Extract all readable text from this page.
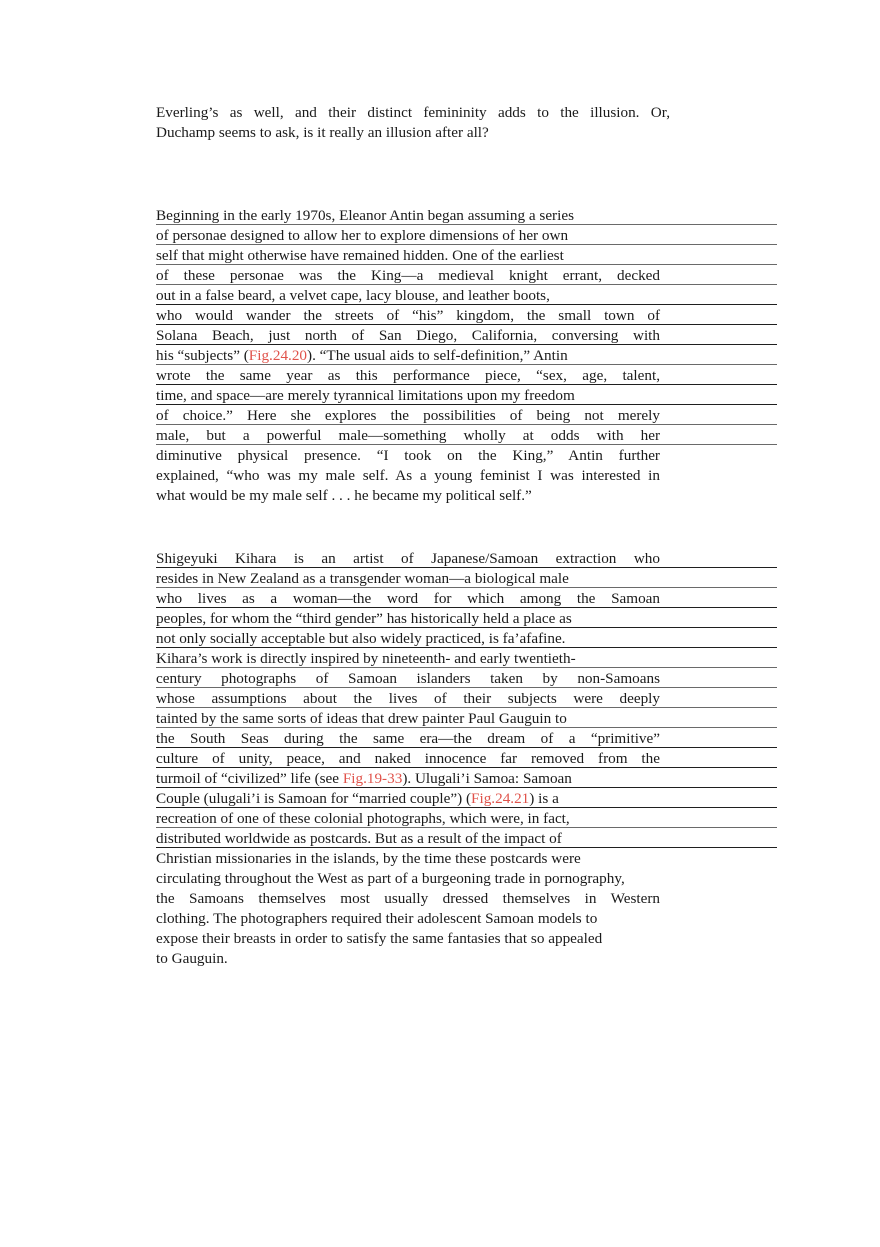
Everling’s as well, and their distinct femininity adds to the illusion. Or,
Duchamp seems to ask, is it really an illusion after all?
Beginning in the early 1970s, Eleanor Antin began assuming a series
of personae designed to allow her to explore dimensions of her own
self that might otherwise have remained hidden. One of the earliest
of these personae was the King—a medieval knight errant, decked
out in a false beard, a velvet cape, lacy blouse, and leather boots,
who would wander the streets of “his” kingdom, the small town of
Solana Beach, just north of San Diego, California, conversing with
his “subjects” (Fig.24.20). “The usual aids to self-definition,” Antin
wrote the same year as this performance piece, “sex, age, talent,
time, and space—are merely tyrannical limitations upon my freedom
of choice.” Here she explores the possibilities of being not merely
male, but a powerful male—something wholly at odds with her
diminutive physical presence. “I took on the King,” Antin further
explained, “who was my male self. As a young feminist I was interested in
what would be my male self . . . he became my political self.”
Shigeyuki Kihara is an artist of Japanese/Samoan extraction who
resides in New Zealand as a transgender woman—a biological male
who lives as a woman—the word for which among the Samoan
peoples, for whom the “third gender” has historically held a place as
not only socially acceptable but also widely practiced, is fa’afafine.
Kihara’s work is directly inspired by nineteenth- and early twentieth-
century photographs of Samoan islanders taken by non-Samoans
whose assumptions about the lives of their subjects were deeply
tainted by the same sorts of ideas that drew painter Paul Gauguin to
the South Seas during the same era—the dream of a “primitive”
culture of unity, peace, and naked innocence far removed from the
turmoil of “civilized” life (see Fig.19-33). Ulugali’i Samoa: Samoan
Couple (ulugali’i is Samoan for “married couple”) (Fig.24.21) is a
recreation of one of these colonial photographs, which were, in fact,
distributed worldwide as postcards. But as a result of the impact of
Christian missionaries in the islands, by the time these postcards were
circulating throughout the West as part of a burgeoning trade in pornography,
the Samoans themselves most usually dressed themselves in Western
clothing. The photographers required their adolescent Samoan models to
expose their breasts in order to satisfy the same fantasies that so appealed
to Gauguin.
